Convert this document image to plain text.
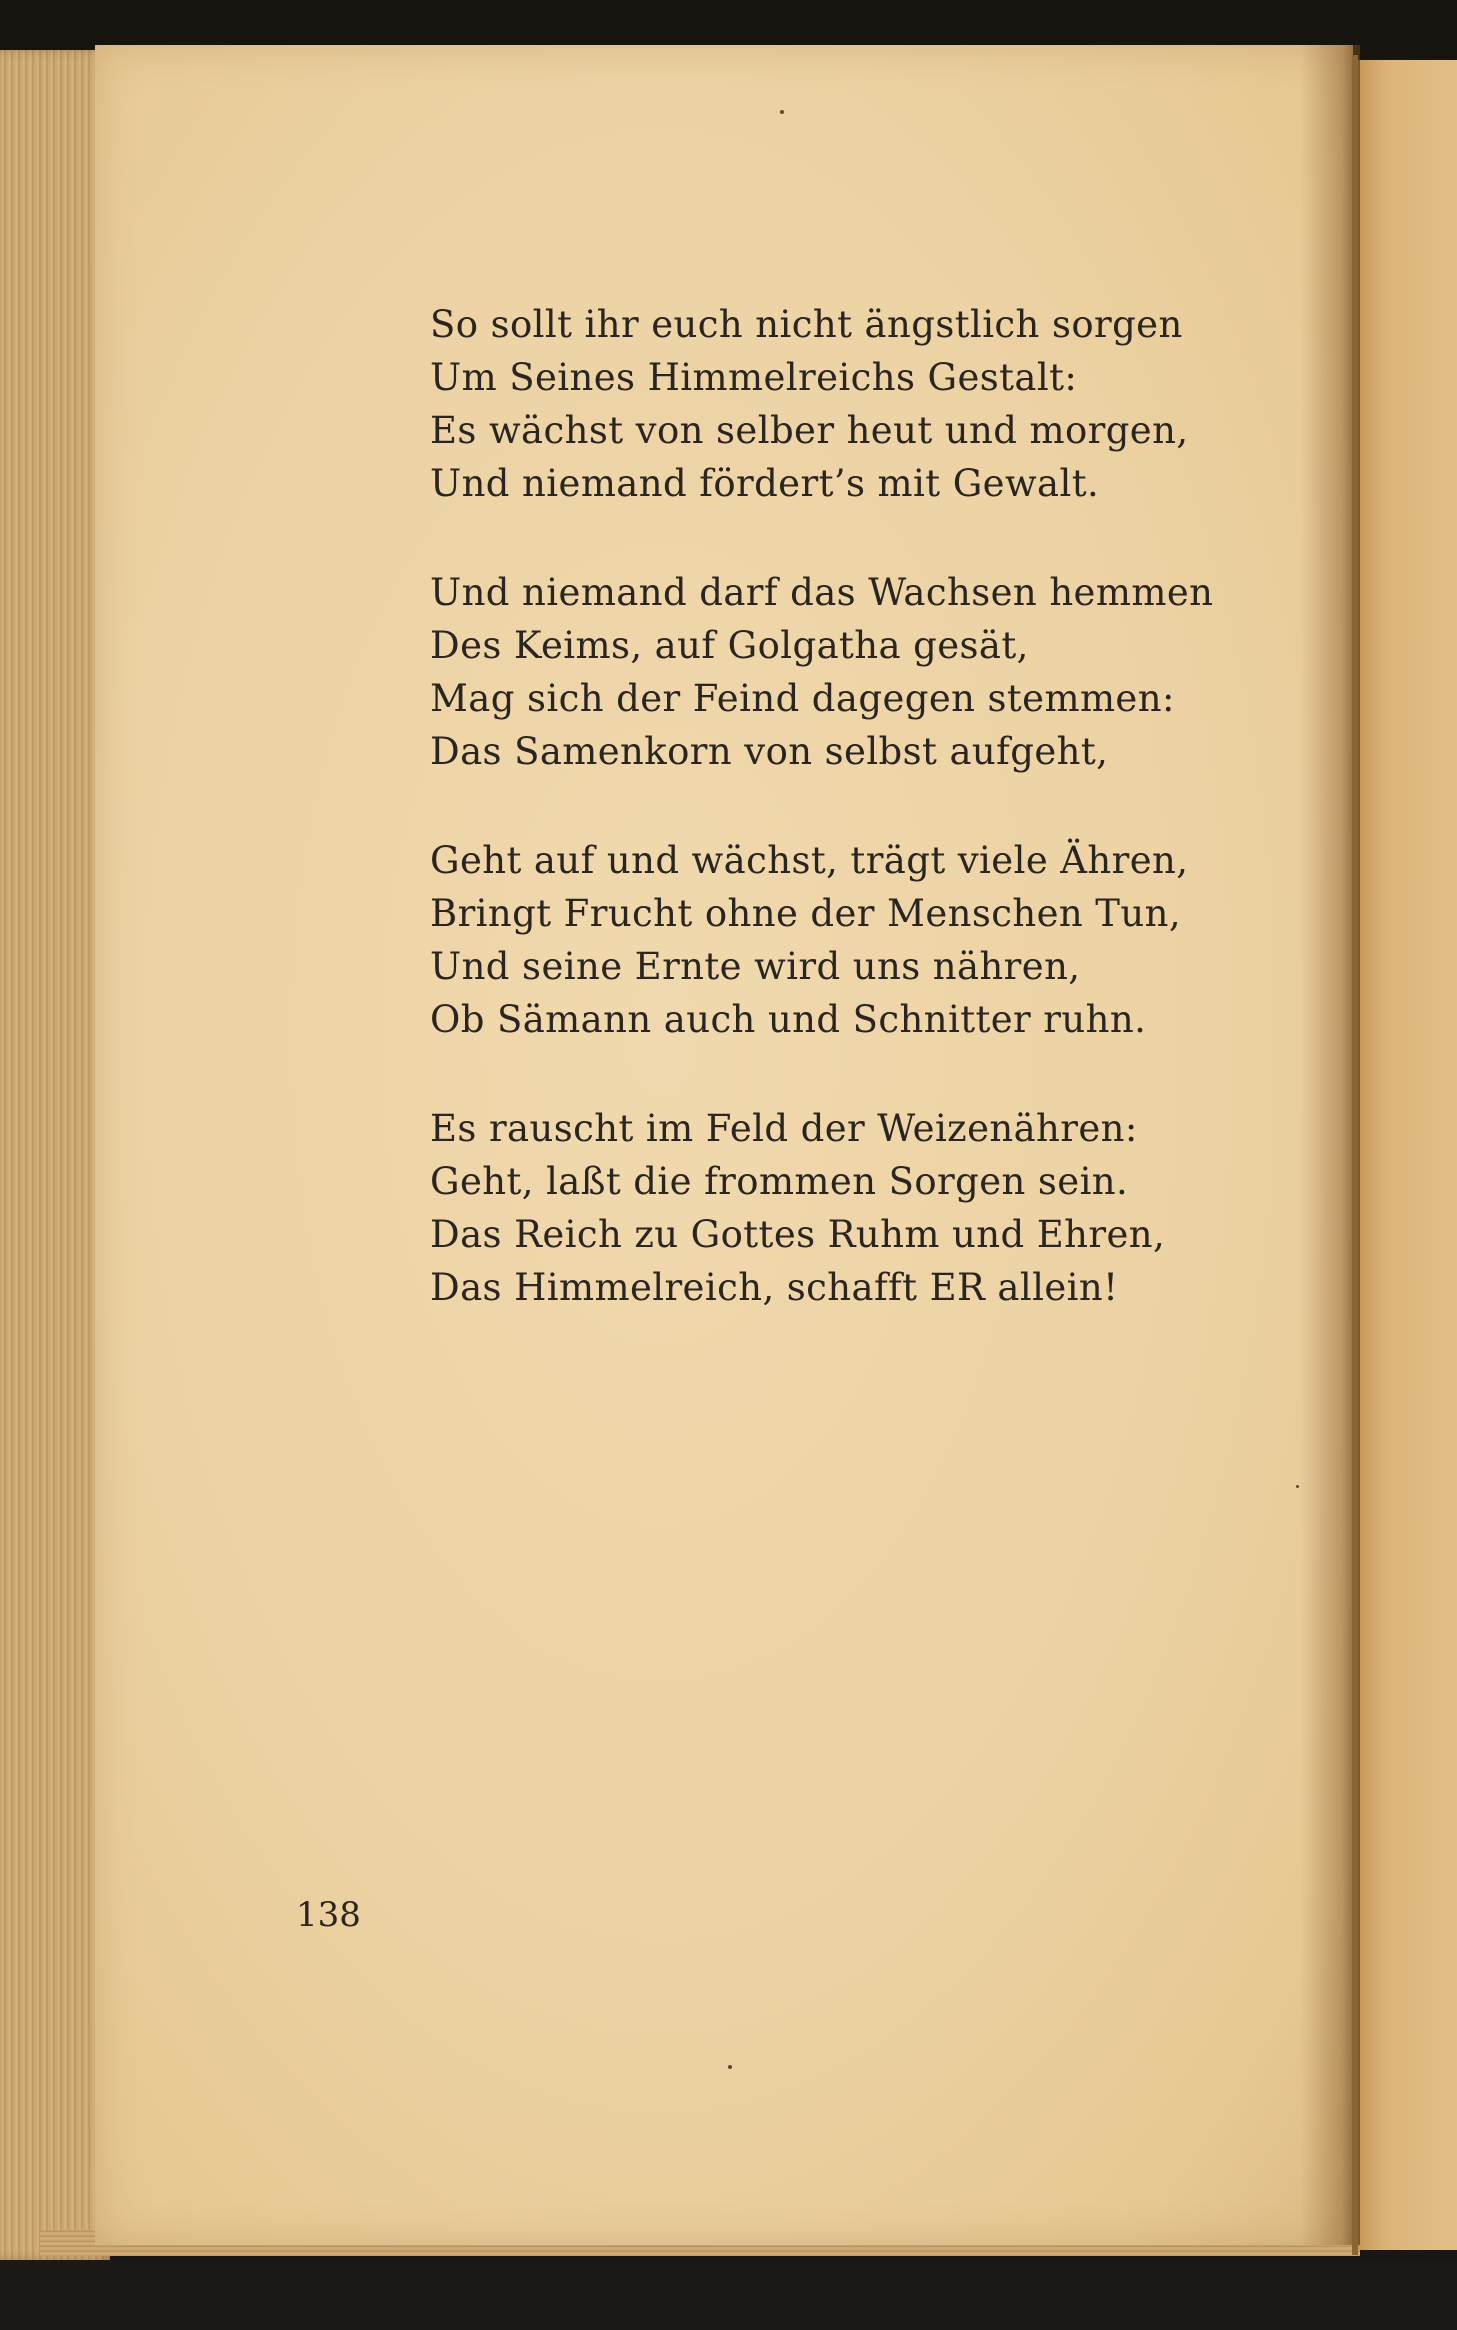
So sollt ihr euch nicht ängstlich sorgen
Um Seines Himmelreichs Gestalt:
Es wächst von selber heut und morgen,
Und niemand fördert’s mit Gewalt.
Und niemand darf das Wachsen hemmen
Des Keims, auf Golgatha gesät,
Mag sich der Feind dagegen stemmen:
Das Samenkorn von selbst aufgeht,
Geht auf und wächst, trägt viele Ähren,
Bringt Frucht ohne der Menschen Tun,
Und seine Ernte wird uns nähren,
Ob Sämann auch und Schnitter ruhn.
Es rauscht im Feld der Weizenähren:
Geht, laßt die frommen Sorgen sein.
Das Reich zu Gottes Ruhm und Ehren,
Das Himmelreich, schafft ER allein!
138
